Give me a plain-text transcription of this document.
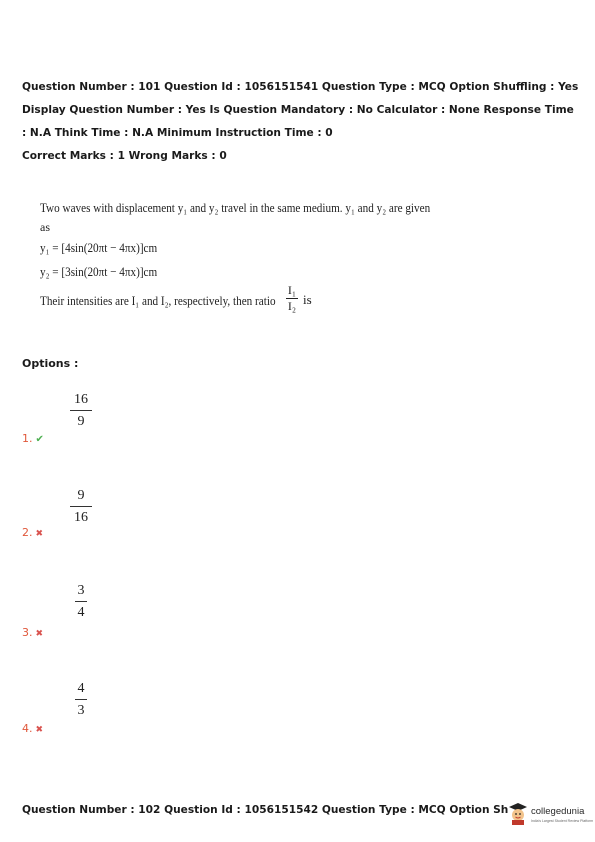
Question Number : 101 Question Id : 1056151541 Question Type : MCQ Option Shuffling : Yes
Display Question Number : Yes Is Question Mandatory : No Calculator : None Response Time
: N.A Think Time : N.A Minimum Instruction Time : 0
Correct Marks : 1 Wrong Marks : 0
Two waves with displacement y₁ and y₂ travel in the same medium. y₁ and y₂ are given
as
y₁ = [4sin(20πt − 4πx)]cm
y₂ = [3sin(20πt − 4πx)]cm
Their intensities are I₁ and I₂, respectively, then ratio
I₁
I₂ is
Options :
16
9
1. ✔
9
16
2. ✖
3
4
3. ✖
4
3
4. ✖
Question Number : 102 Question Id : 1056151542 Question Type : MCQ Option Sh	collegedunia
India's Largest Student Review Platform
